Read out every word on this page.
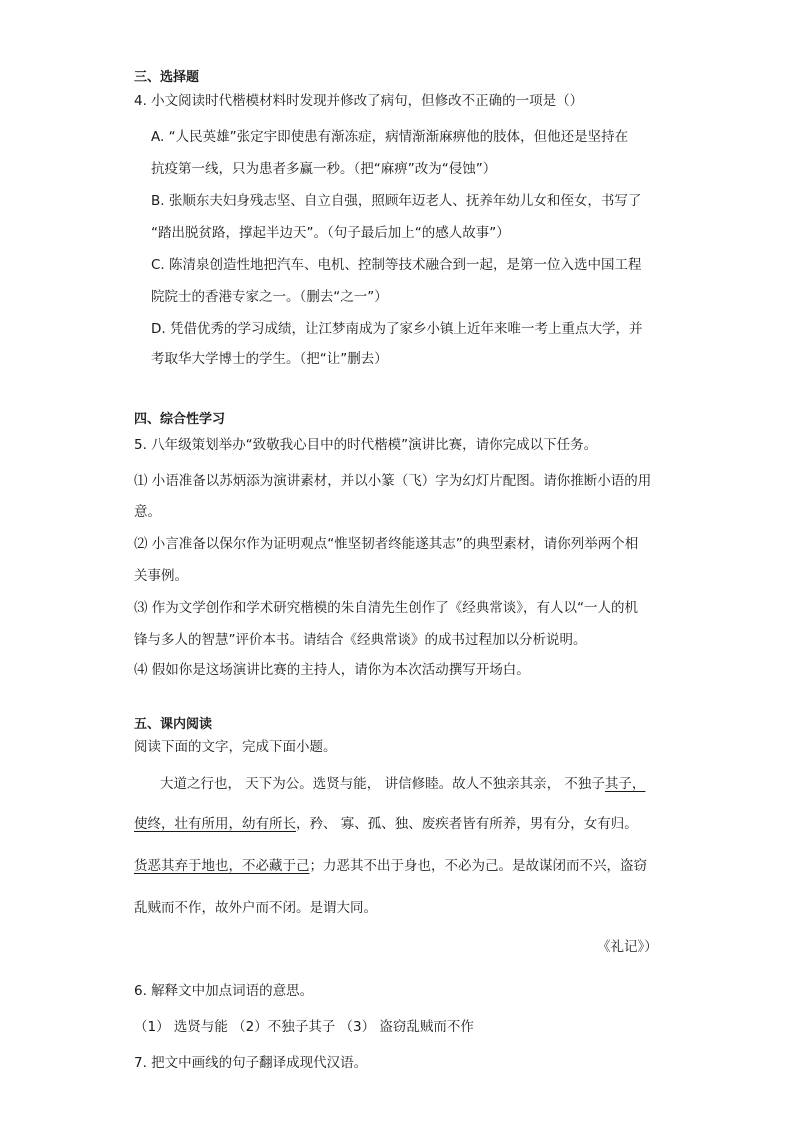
三、选择题
4. 小文阅读时代楷模材料时发现并修改了病句，但修改不正确的一项是（）
A. “人民英雄”张定宇即使患有渐冻症，病情渐渐麻痹他的肢体，但他还是坚持在
抗疫第一线，只为患者多赢一秒。（把“麻痹”改为“侵蚀”）
B. 张顺东夫妇身残志坚、自立自强，照顾年迈老人、抚养年幼儿女和侄女，书写了
“踏出脱贫路，撑起半边天”。（句子最后加上“的感人故事”）
C. 陈清泉创造性地把汽车、电机、控制等技术融合到一起，是第一位入选中国工程
院院士的香港专家之一。（删去“之一”）
D. 凭借优秀的学习成绩，让江梦南成为了家乡小镇上近年来唯一考上重点大学，并
考取华大学博士的学生。（把“让”删去）
四、综合性学习
5. 八年级策划举办“致敬我心目中的时代楷模”演讲比赛，请你完成以下任务。
⑴ 小语准备以苏炳添为演讲素材，并以小篆（飞）字为幻灯片配图。请你推断小语的用
意。
⑵ 小言准备以保尔作为证明观点“惟坚韧者终能遂其志”的典型素材，请你列举两个相
关事例。
⑶ 作为文学创作和学术研究楷模的朱自清先生创作了《经典常谈》，有人以“一人的机
锋与多人的智慧”评价本书。请结合《经典常谈》的成书过程加以分析说明。
⑷ 假如你是这场演讲比赛的主持人，请你为本次活动撰写开场白。
五、课内阅读
阅读下面的文字，完成下面小题。
大道之行也， 天下为公。选贤与能， 讲信修睦。故人不独亲其亲， 不独子其子，
使终，壮有所用，幼有所长，矜、 寡、孤、独、废疾者皆有所养，男有分，女有归。
货恶其弃于地也，不必藏于己；力恶其不出于身也，不必为己。是故谋闭而不兴，盗窃
乱贼而不作，故外户而不闭。是谓大同。
《礼记》）
6. 解释文中加点词语的意思。
（1） 选贤与能 （2）不独子其子 （3） 盗窃乱贼而不作
7. 把文中画线的句子翻译成现代汉语。
